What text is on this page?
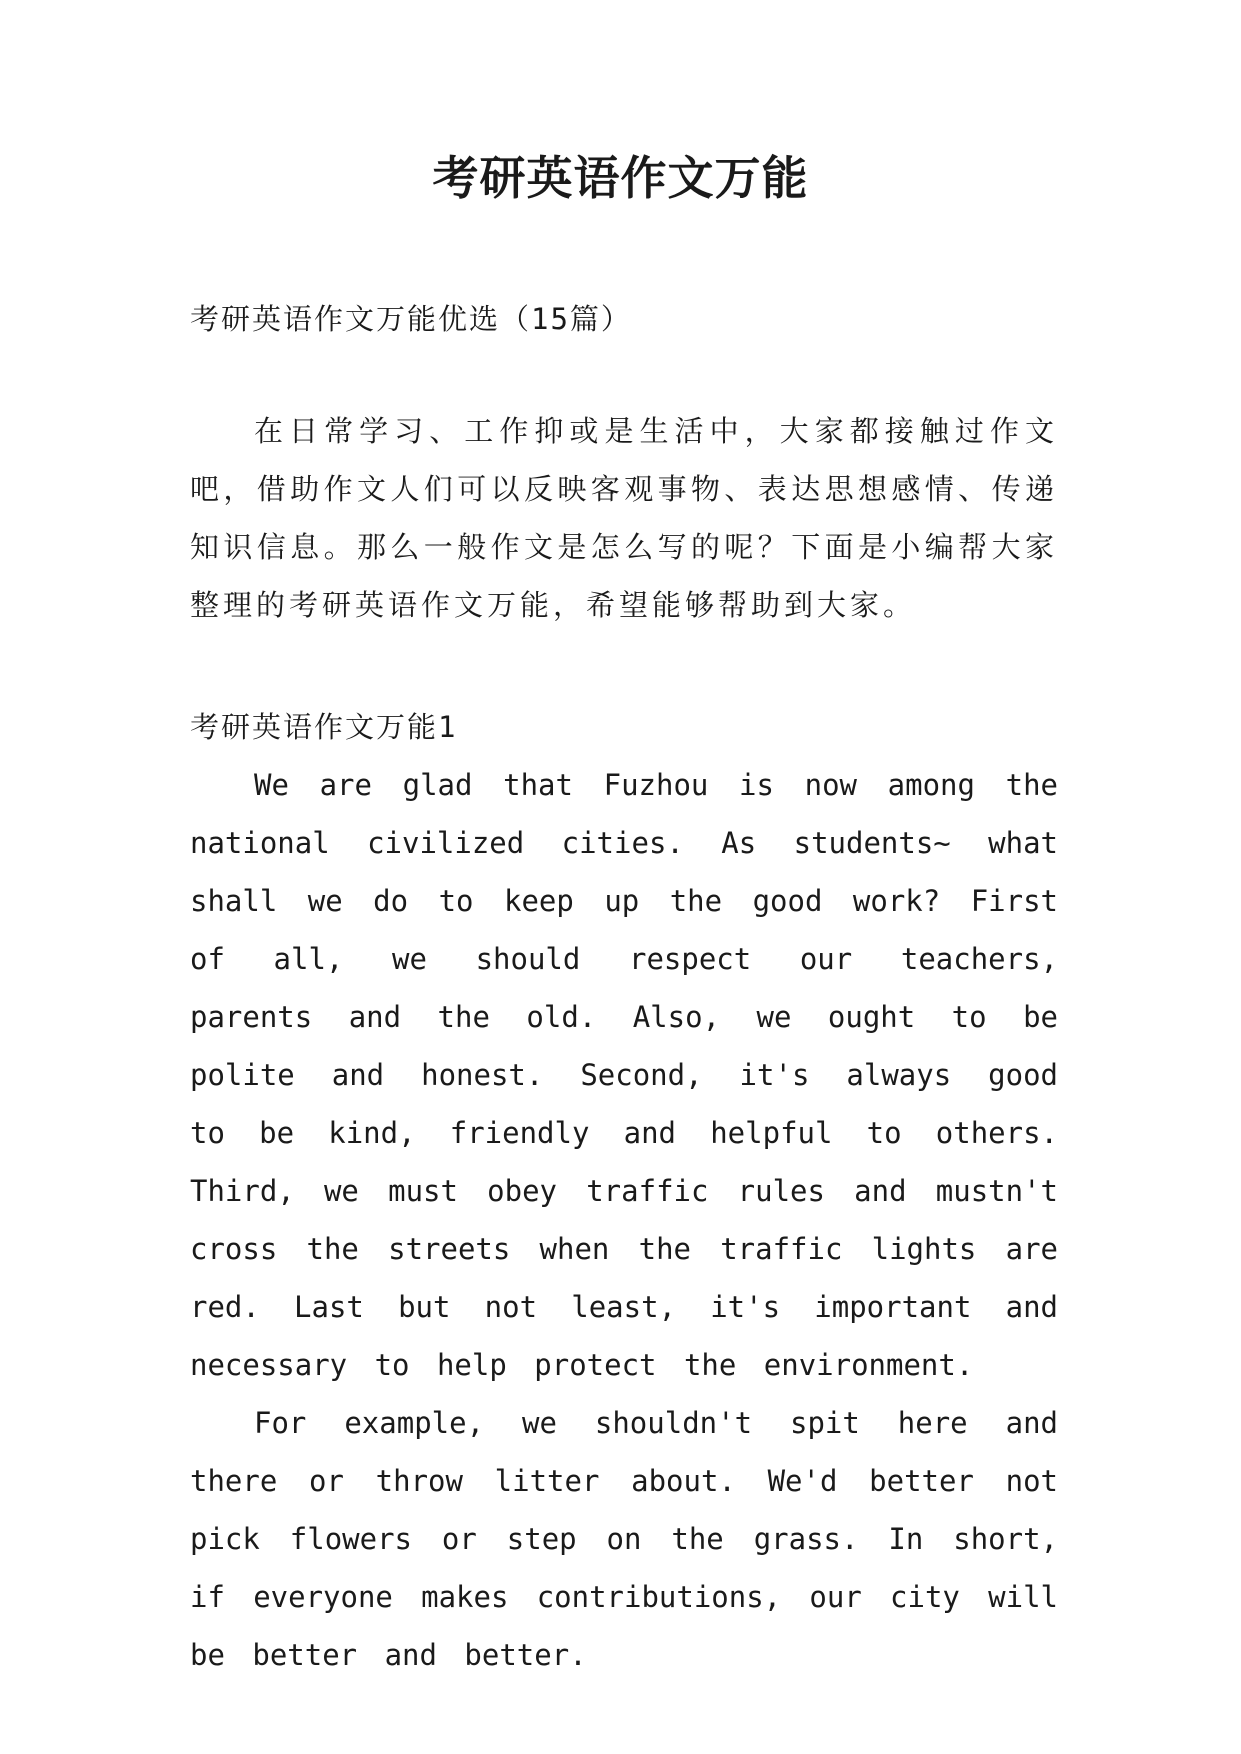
考研英语作文万能
考研英语作文万能优选（15篇）
在日常学习、工作抑或是生活中，大家都接触过作文吧，借助作文人们可以反映客观事物、表达思想感情、传递知识信息。那么一般作文是怎么写的呢？下面是小编帮大家整理的考研英语作文万能，希望能够帮助到大家。
考研英语作文万能1

We are glad that Fuzhou is now among the national civilized cities. As students~ what shall we do to keep up the good work? First of all, we should respect our teachers, parents and the old. Also, we ought to be polite and honest. Second, it's always good to be kind, friendly and helpful to others. Third, we must obey traffic rules and mustn't cross the streets when the traffic lights are red. Last but not least, it's important and necessary to help protect the environment.

For example, we shouldn't spit here and there or throw litter about. We'd better not pick flowers or step on the grass. In short, if everyone makes contributions, our city will be better and better.
